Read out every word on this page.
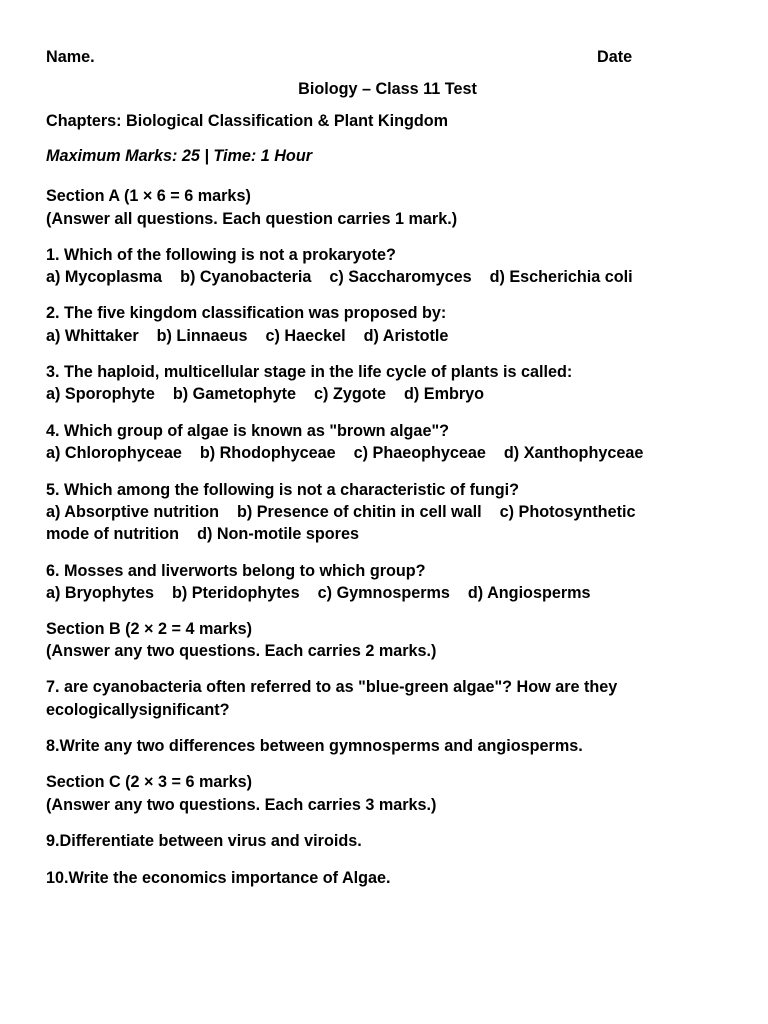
Name.	Date
Biology – Class 11 Test
Chapters: Biological Classification & Plant Kingdom
Maximum Marks: 25 | Time: 1 Hour
Section A (1 × 6 = 6 marks)
(Answer all questions. Each question carries 1 mark.)
1. Which of the following is not a prokaryote?
a) Mycoplasma b) Cyanobacteria c) Saccharomyces d) Escherichia coli
2. The five kingdom classification was proposed by:
a) Whittaker b) Linnaeus c) Haeckel d) Aristotle
3. The haploid, multicellular stage in the life cycle of plants is called:
a) Sporophyte b) Gametophyte c) Zygote d) Embryo
4. Which group of algae is known as "brown algae"?
a) Chlorophyceae b) Rhodophyceae c) Phaeophyceae d) Xanthophyceae
5. Which among the following is not a characteristic of fungi?
a) Absorptive nutrition b) Presence of chitin in cell wall c) Photosynthetic
mode of nutrition d) Non-motile spores
6. Mosses and liverworts belong to which group?
a) Bryophytes b) Pteridophytes c) Gymnosperms d) Angiosperms
Section B (2 × 2 = 4 marks)
(Answer any two questions. Each carries 2 marks.)
7. are cyanobacteria often referred to as "blue-green algae"? How are they
ecologicallysignificant?
8.Write any two differences between gymnosperms and angiosperms.
Section C (2 × 3 = 6 marks)
(Answer any two questions. Each carries 3 marks.)
9.Differentiate between virus and viroids.
10.Write the economics importance of Algae.
